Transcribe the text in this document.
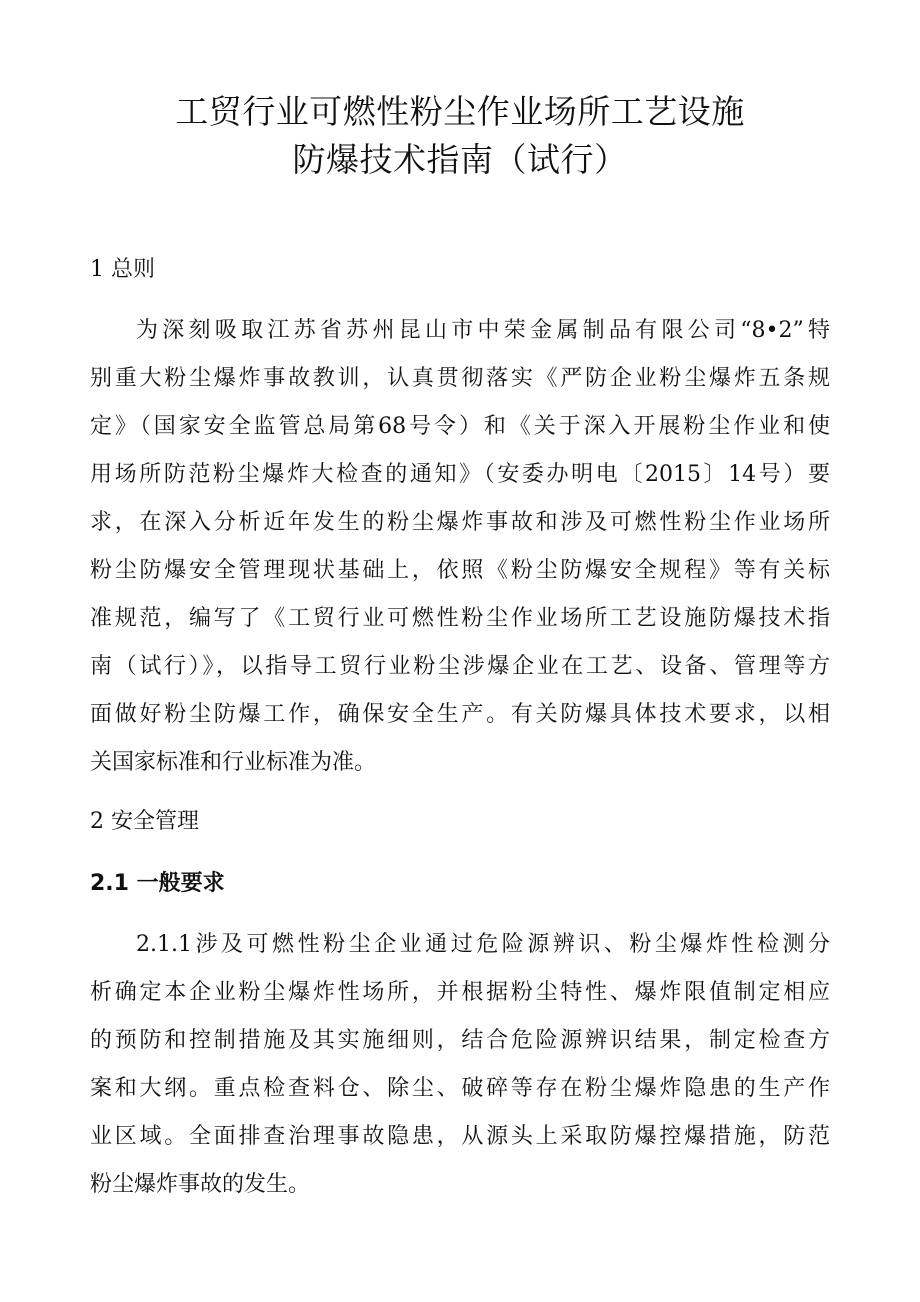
工贸行业可燃性粉尘作业场所工艺设施
防爆技术指南（试行）
1 总则
为深刻吸取江苏省苏州昆山市中荣金属制品有限公司“8•2”特
别重大粉尘爆炸事故教训，认真贯彻落实《严防企业粉尘爆炸五条规
定》（国家安全监管总局第68号令）和《关于深入开展粉尘作业和使
用场所防范粉尘爆炸大检查的通知》（安委办明电〔2015〕14号）要
求，在深入分析近年发生的粉尘爆炸事故和涉及可燃性粉尘作业场所
粉尘防爆安全管理现状基础上，依照《粉尘防爆安全规程》等有关标
准规范，编写了《工贸行业可燃性粉尘作业场所工艺设施防爆技术指
南（试行）》，以指导工贸行业粉尘涉爆企业在工艺、设备、管理等方
面做好粉尘防爆工作，确保安全生产。有关防爆具体技术要求，以相
关国家标准和行业标准为准。
2 安全管理
2.1 一般要求
2.1.1涉及可燃性粉尘企业通过危险源辨识、粉尘爆炸性检测分
析确定本企业粉尘爆炸性场所，并根据粉尘特性、爆炸限值制定相应
的预防和控制措施及其实施细则，结合危险源辨识结果，制定检查方
案和大纲。重点检查料仓、除尘、破碎等存在粉尘爆炸隐患的生产作
业区域。全面排查治理事故隐患，从源头上采取防爆控爆措施，防范
粉尘爆炸事故的发生。
